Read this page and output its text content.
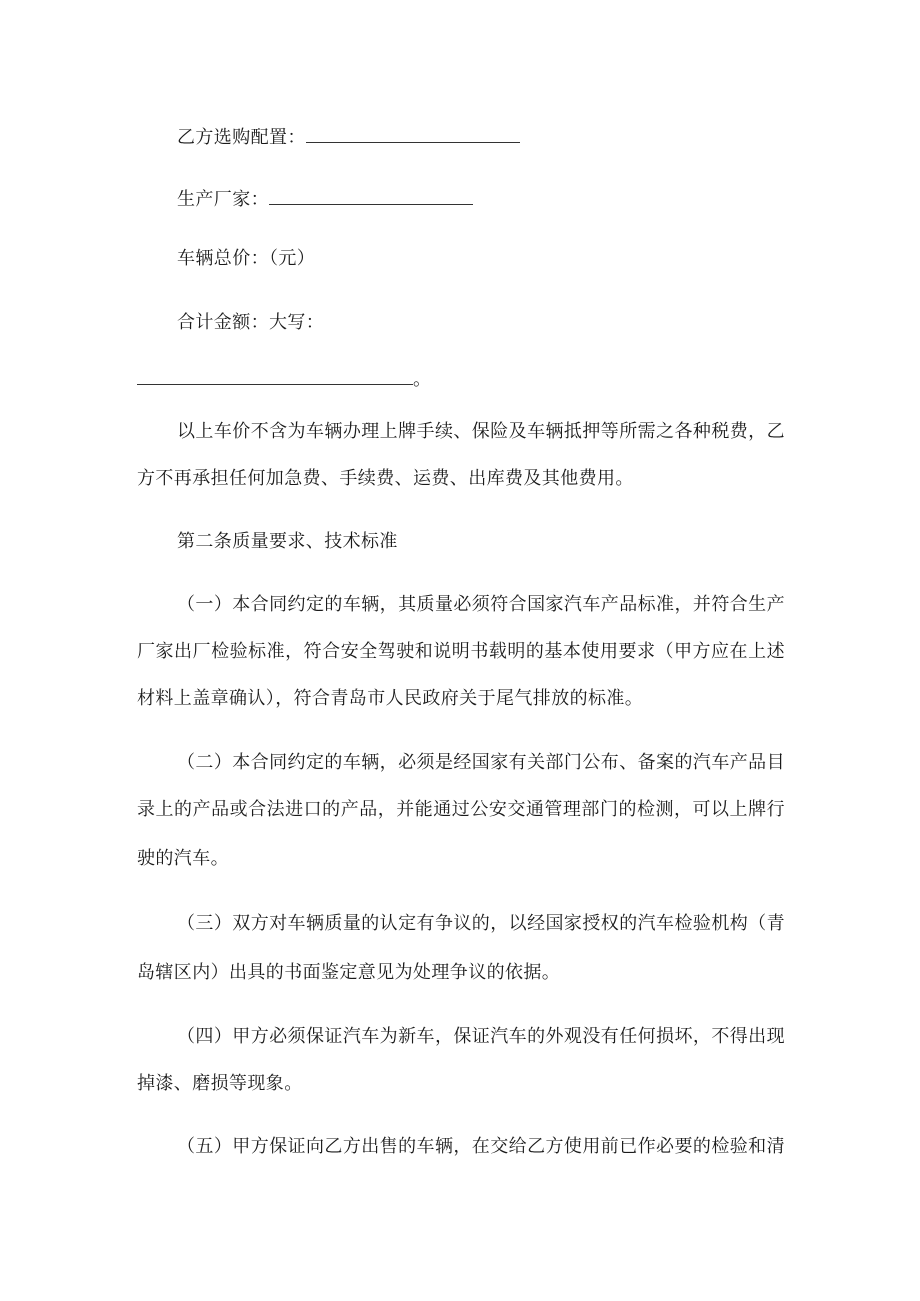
乙方选购配置：
生产厂家：
车辆总价：（元）
合计金额：大写：
。
以上车价不含为车辆办理上牌手续、保险及车辆抵押等所需之各种税费，乙
方不再承担任何加急费、手续费、运费、出库费及其他费用。
第二条质量要求、技术标准
（一）本合同约定的车辆，其质量必须符合国家汽车产品标准，并符合生产
厂家出厂检验标准，符合安全驾驶和说明书载明的基本使用要求（甲方应在上述
材料上盖章确认），符合青岛市人民政府关于尾气排放的标准。
（二）本合同约定的车辆，必须是经国家有关部门公布、备案的汽车产品目
录上的产品或合法进口的产品，并能通过公安交通管理部门的检测，可以上牌行
驶的汽车。
（三）双方对车辆质量的认定有争议的，以经国家授权的汽车检验机构（青
岛辖区内）出具的书面鉴定意见为处理争议的依据。
（四）甲方必须保证汽车为新车，保证汽车的外观没有任何损坏，不得出现
掉漆、磨损等现象。
（五）甲方保证向乙方出售的车辆，在交给乙方使用前已作必要的检验和清
